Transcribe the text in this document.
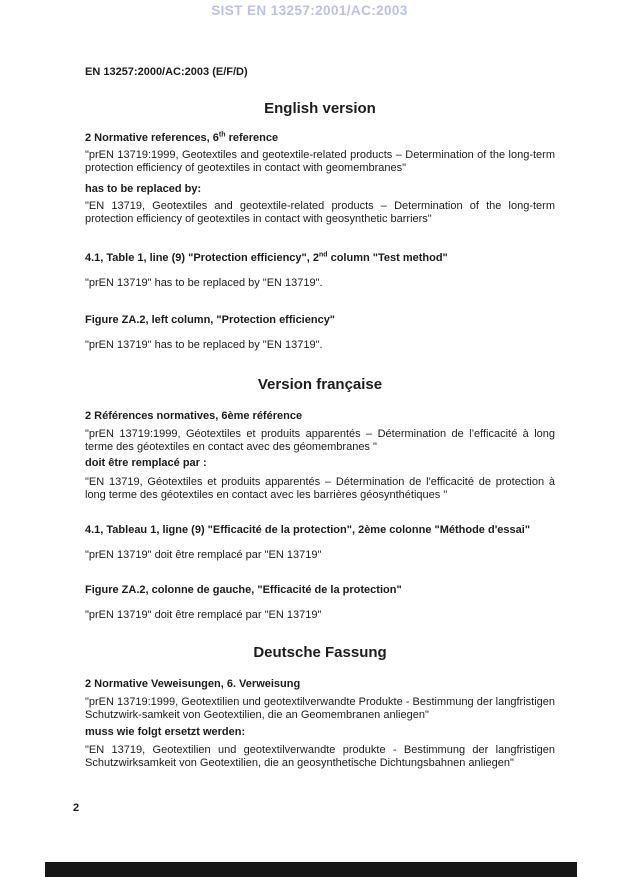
SIST EN 13257:2001/AC:2003

EN 13257:2000/AC:2003 (E/F/D)

English version

2 Normative references, 6th reference

"prEN 13719:1999, Geotextiles and geotextile-related products – Determination of the long-term protection efficiency of geotextiles in contact with geomembranes"

has to be replaced by:

"EN 13719, Geotextiles and geotextile-related products – Determination of the long-term protection efficiency of geotextiles in contact with geosynthetic barriers"

4.1, Table 1, line (9) "Protection efficiency", 2nd column "Test method"

"prEN 13719" has to be replaced by "EN 13719".

Figure ZA.2, left column, "Protection efficiency"

"prEN 13719" has to be replaced by "EN 13719".

Version française

2 Références normatives, 6ème référence

"prEN 13719:1999, Géotextiles et produits apparentés – Détermination de l’efficacité à long terme des géotextiles en contact avec des géomembranes "

doit être remplacé par :

"EN 13719, Géotextiles et produits apparentés – Détermination de l'efficacité de protection à long terme des géotextiles en contact avec les barrières géosynthétiques "

4.1, Tableau 1, ligne (9) "Efficacité de la protection", 2ème colonne "Méthode d'essai"

"prEN 13719" doit être remplacé par "EN 13719"

Figure ZA.2, colonne de gauche, "Efficacité de la protection"

"prEN 13719" doit être remplacé par "EN 13719"

Deutsche Fassung

2 Normative Veweisungen, 6. Verweisung

"prEN 13719:1999, Geotextilien und geotextilverwandte Produkte - Bestimmung der langfristigen Schutzwirk-samkeit von Geotextilien, die an Geomembranen anliegen"

muss wie folgt ersetzt werden:

"EN 13719, Geotextilien und geotextilverwandte produkte - Bestimmung der langfristigen Schutzwirksamkeit von Geotextilien, die an geosynthetische Dichtungsbahnen anliegen"

2
